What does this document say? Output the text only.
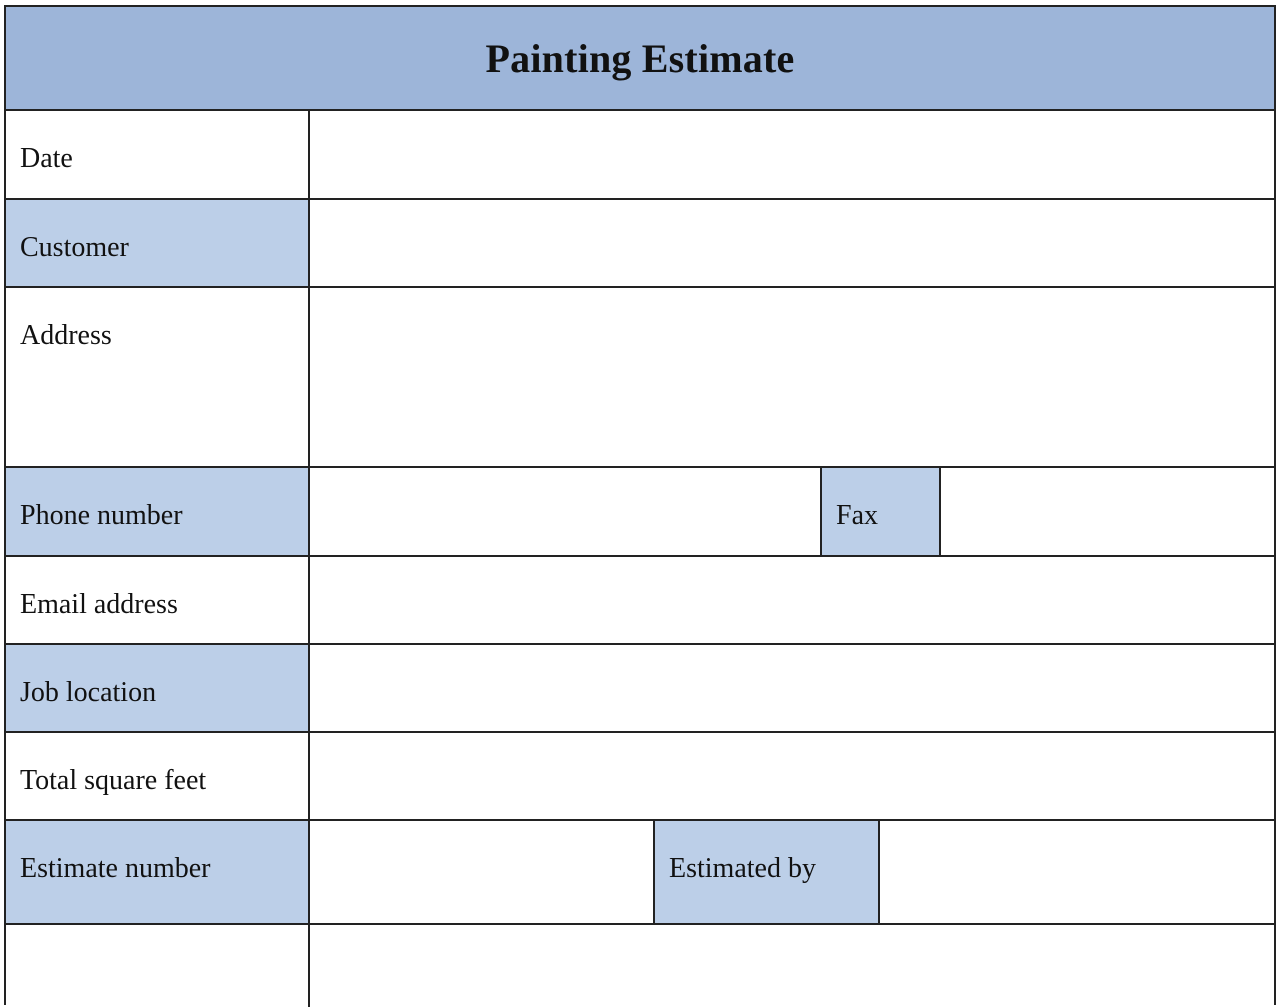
Painting Estimate
Date
Customer
Address
Phone number	Fax
Email address
Job location
Total square feet
Estimate number	Estimated by
